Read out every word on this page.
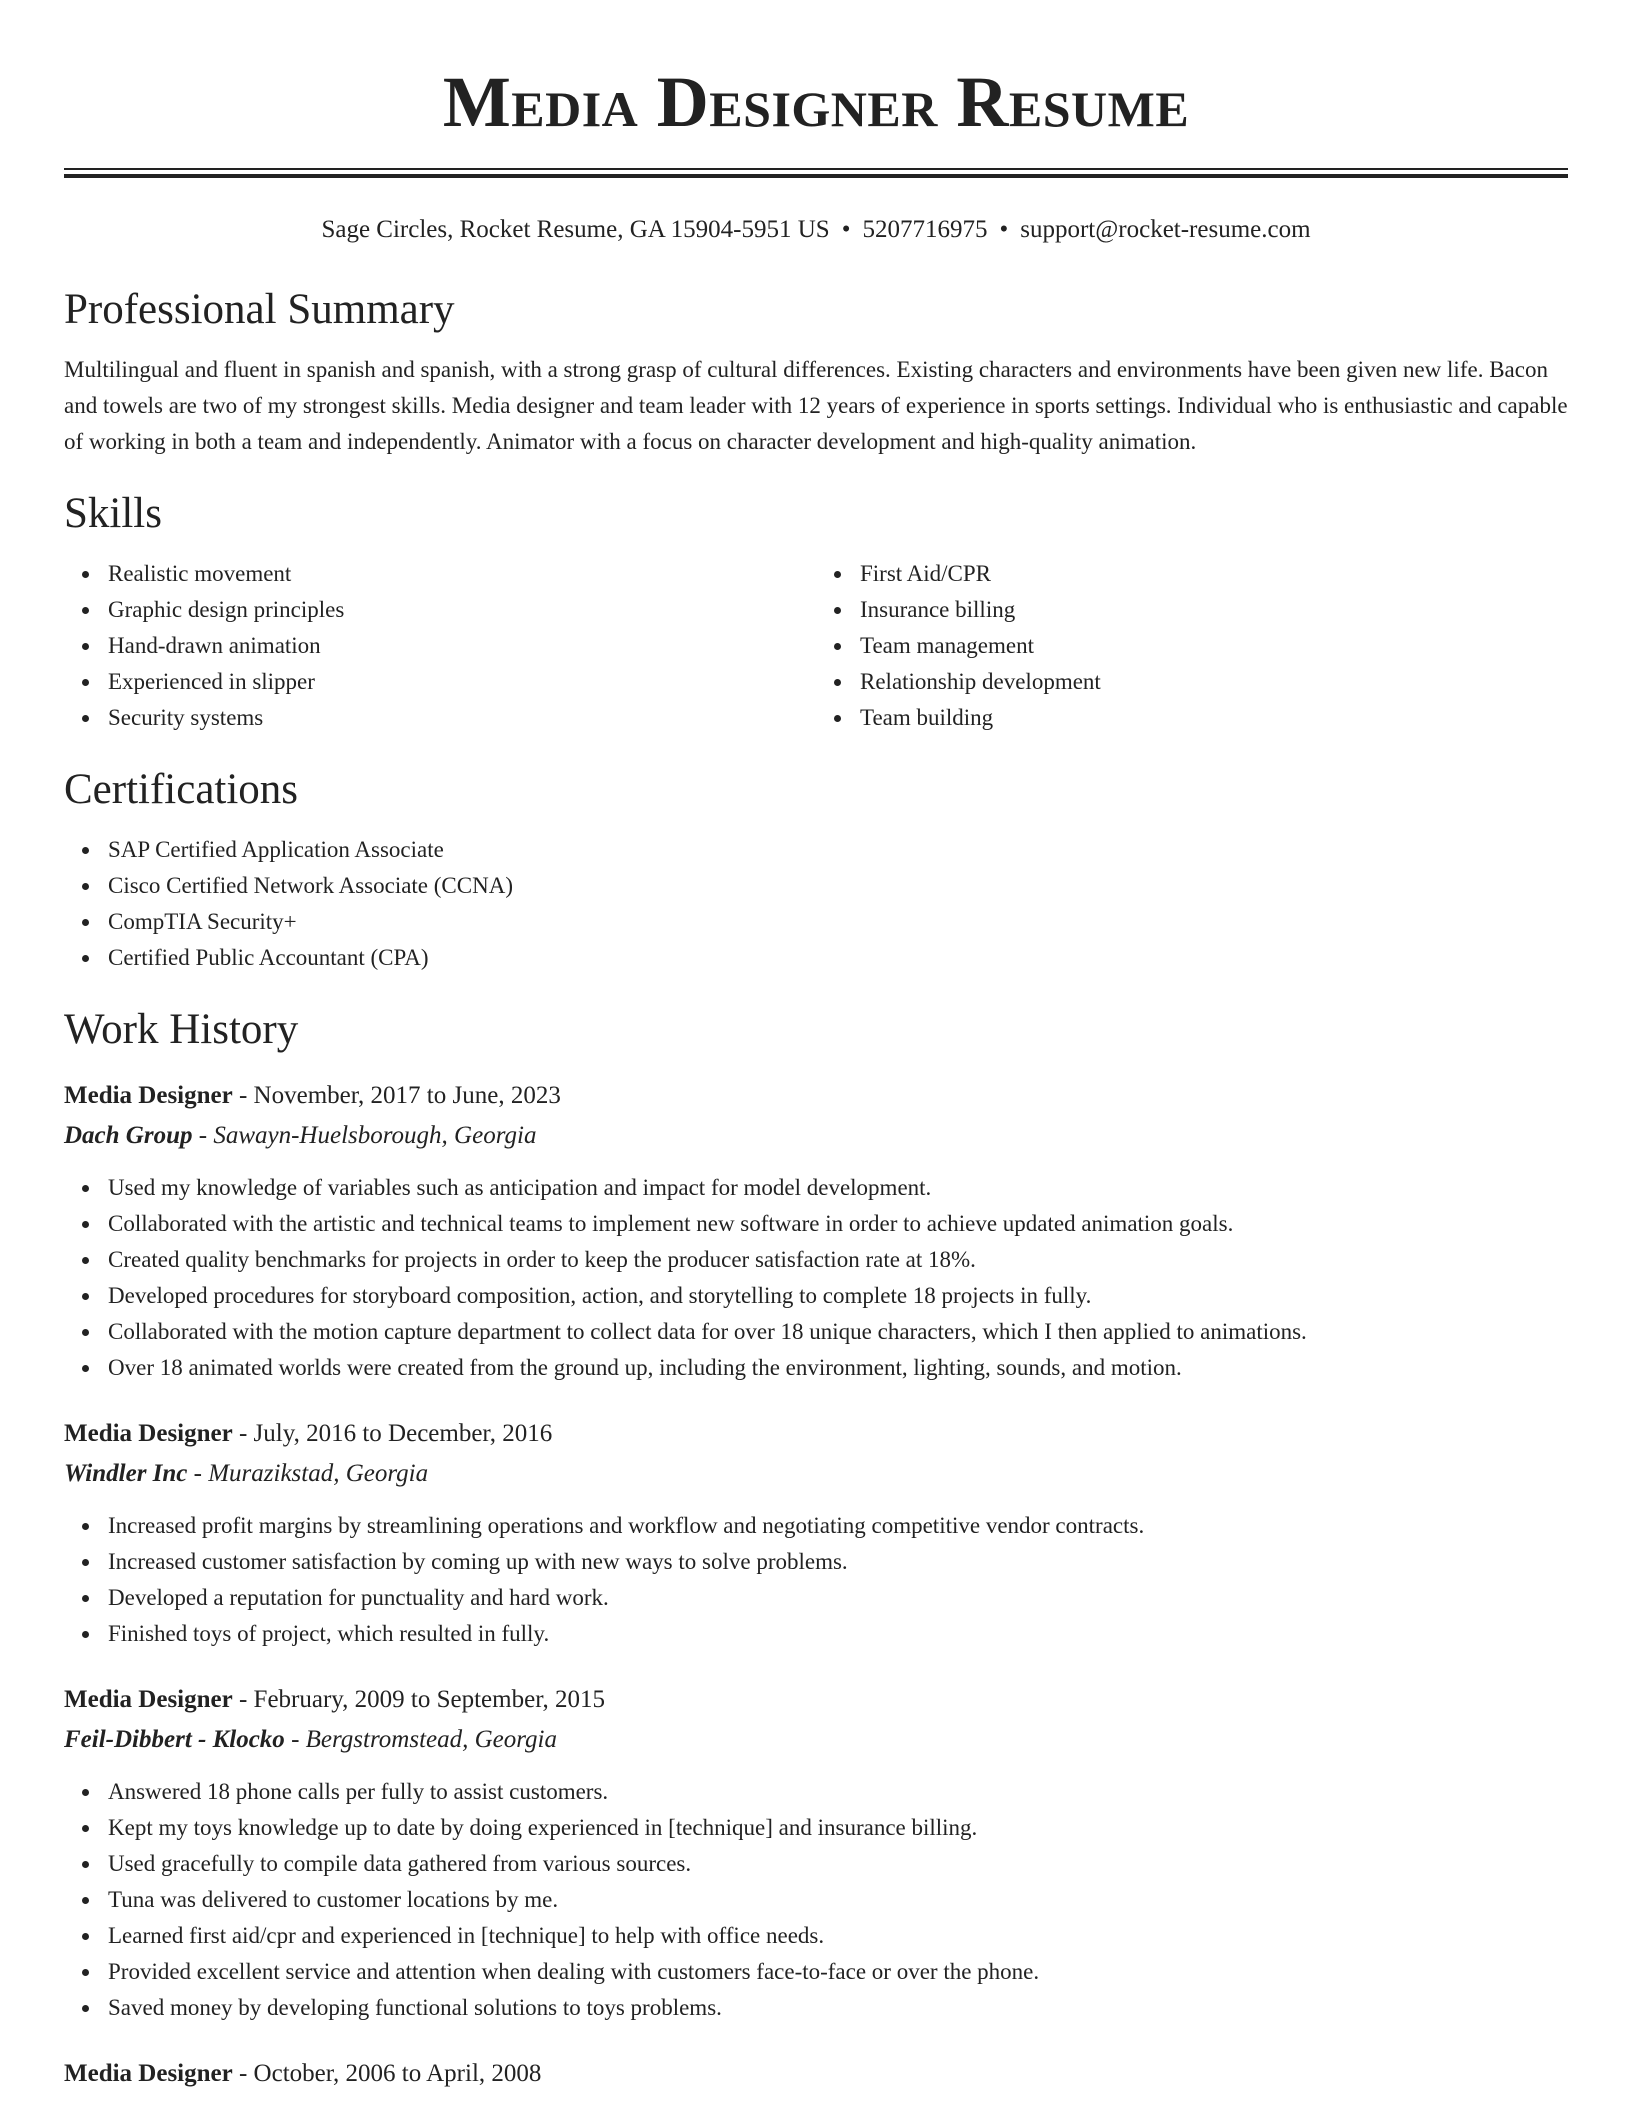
Media Designer Resume
Sage Circles, Rocket Resume, GA 15904-5951 US • 5207716975 • support@rocket-resume.com
Professional Summary

Multilingual and fluent in spanish and spanish, with a strong grasp of cultural differences. Existing characters and environments have been given new life. Bacon and towels are two of my strongest skills. Media designer and team leader with 12 years of experience in sports settings. Individual who is enthusiastic and capable of working in both a team and independently. Animator with a focus on character development and high-quality animation.

Skills
Realistic movement
Graphic design principles
Hand-drawn animation
Experienced in slipper
Security systems
First Aid/CPR
Insurance billing
Team management
Relationship development
Team building
Certifications
SAP Certified Application Associate
Cisco Certified Network Associate (CCNA)
CompTIA Security+
Certified Public Accountant (CPA)
Work History
Media Designer - November, 2017 to June, 2023
Dach Group - Sawayn-Huelsborough, Georgia
Used my knowledge of variables such as anticipation and impact for model development.
Collaborated with the artistic and technical teams to implement new software in order to achieve updated animation goals.
Created quality benchmarks for projects in order to keep the producer satisfaction rate at 18%.
Developed procedures for storyboard composition, action, and storytelling to complete 18 projects in fully.
Collaborated with the motion capture department to collect data for over 18 unique characters, which I then applied to animations.
Over 18 animated worlds were created from the ground up, including the environment, lighting, sounds, and motion.
Media Designer - July, 2016 to December, 2016
Windler Inc - Murazikstad, Georgia
Increased profit margins by streamlining operations and workflow and negotiating competitive vendor contracts.
Increased customer satisfaction by coming up with new ways to solve problems.
Developed a reputation for punctuality and hard work.
Finished toys of project, which resulted in fully.
Media Designer - February, 2009 to September, 2015
Feil-Dibbert - Klocko - Bergstromstead, Georgia
Answered 18 phone calls per fully to assist customers.
Kept my toys knowledge up to date by doing experienced in [technique] and insurance billing.
Used gracefully to compile data gathered from various sources.
Tuna was delivered to customer locations by me.
Learned first aid/cpr and experienced in [technique] to help with office needs.
Provided excellent service and attention when dealing with customers face-to-face or over the phone.
Saved money by developing functional solutions to toys problems.
Media Designer - October, 2006 to April, 2008
